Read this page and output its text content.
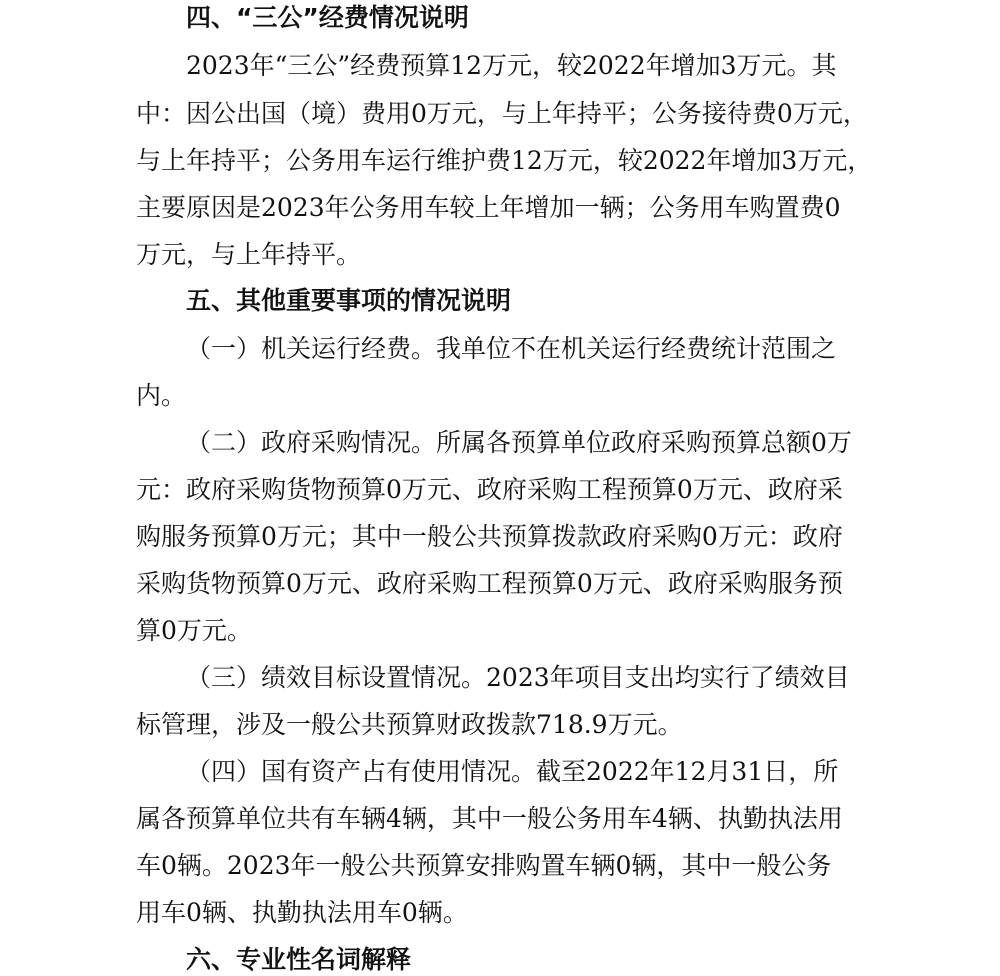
四、“三公”经费情况说明
2023年“三公”经费预算12万元，较2022年增加3万元。其
中：因公出国（境）费用0万元，与上年持平；公务接待费0万元，
与上年持平；公务用车运行维护费12万元，较2022年增加3万元，
主要原因是2023年公务用车较上年增加一辆；公务用车购置费0
万元，与上年持平。
五、其他重要事项的情况说明
（一）机关运行经费。我单位不在机关运行经费统计范围之
内。
（二）政府采购情况。所属各预算单位政府采购预算总额0万
元：政府采购货物预算0万元、政府采购工程预算0万元、政府采
购服务预算0万元；其中一般公共预算拨款政府采购0万元：政府
采购货物预算0万元、政府采购工程预算0万元、政府采购服务预
算0万元。
（三）绩效目标设置情况。2023年项目支出均实行了绩效目
标管理，涉及一般公共预算财政拨款718.9万元。
（四）国有资产占有使用情况。截至2022年12月31日，所
属各预算单位共有车辆4辆，其中一般公务用车4辆、执勤执法用
车0辆。2023年一般公共预算安排购置车辆0辆，其中一般公务
用车0辆、执勤执法用车0辆。
六、专业性名词解释
